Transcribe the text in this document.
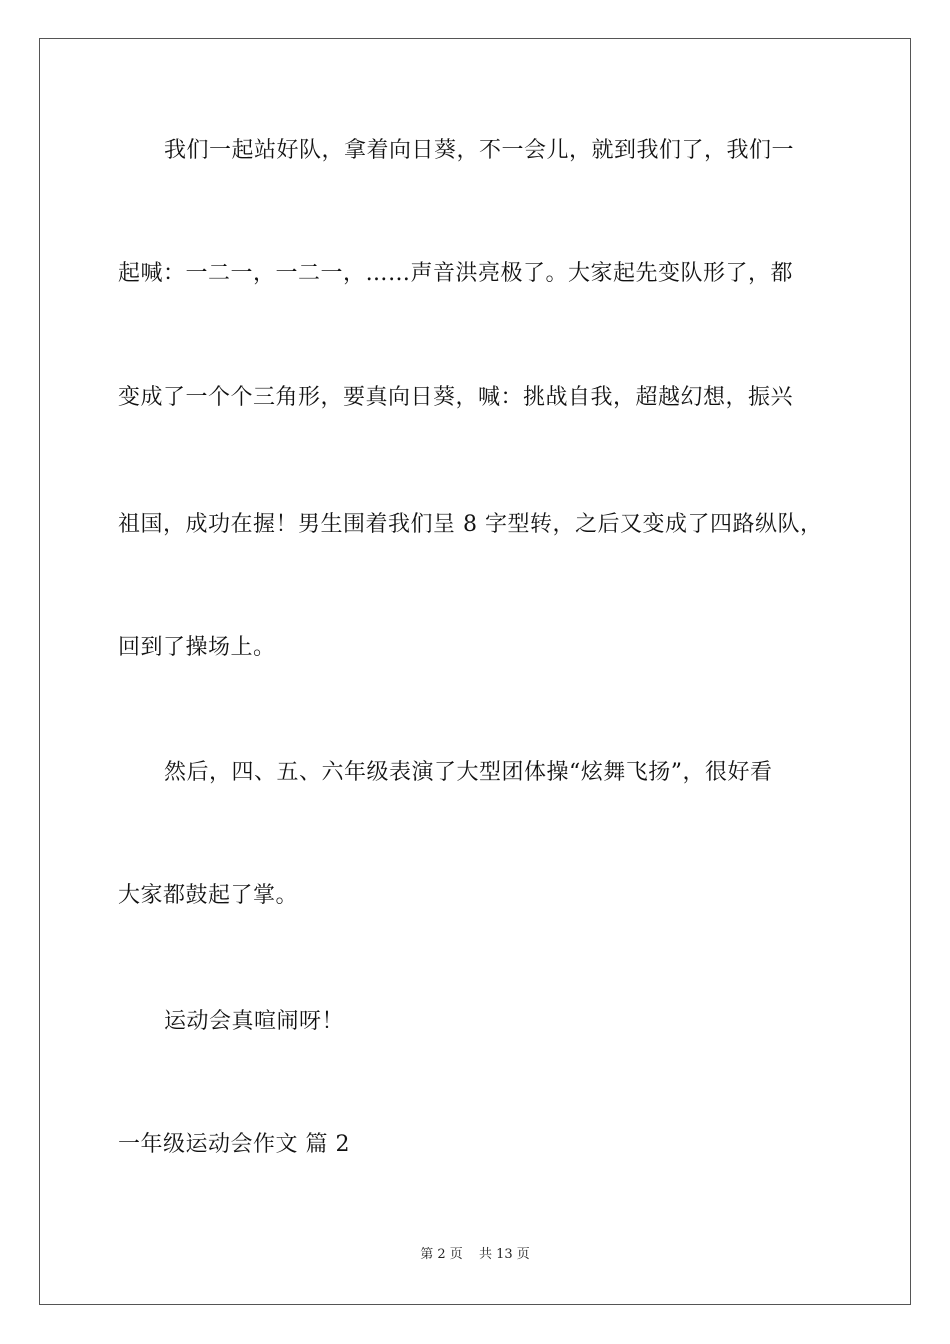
我们一起站好队，拿着向日葵，不一会儿，就到我们了，我们一
起喊：一二一，一二一，……声音洪亮极了。大家起先变队形了，都
变成了一个个三角形，要真向日葵，喊：挑战自我，超越幻想，振兴
祖国，成功在握！男生围着我们呈 8 字型转，之后又变成了四路纵队，
回到了操场上。
然后，四、五、六年级表演了大型团体操“炫舞飞扬”，很好看
大家都鼓起了掌。
运动会真喧闹呀！
一年级运动会作文 篇 2
第 2 页 共 13 页
